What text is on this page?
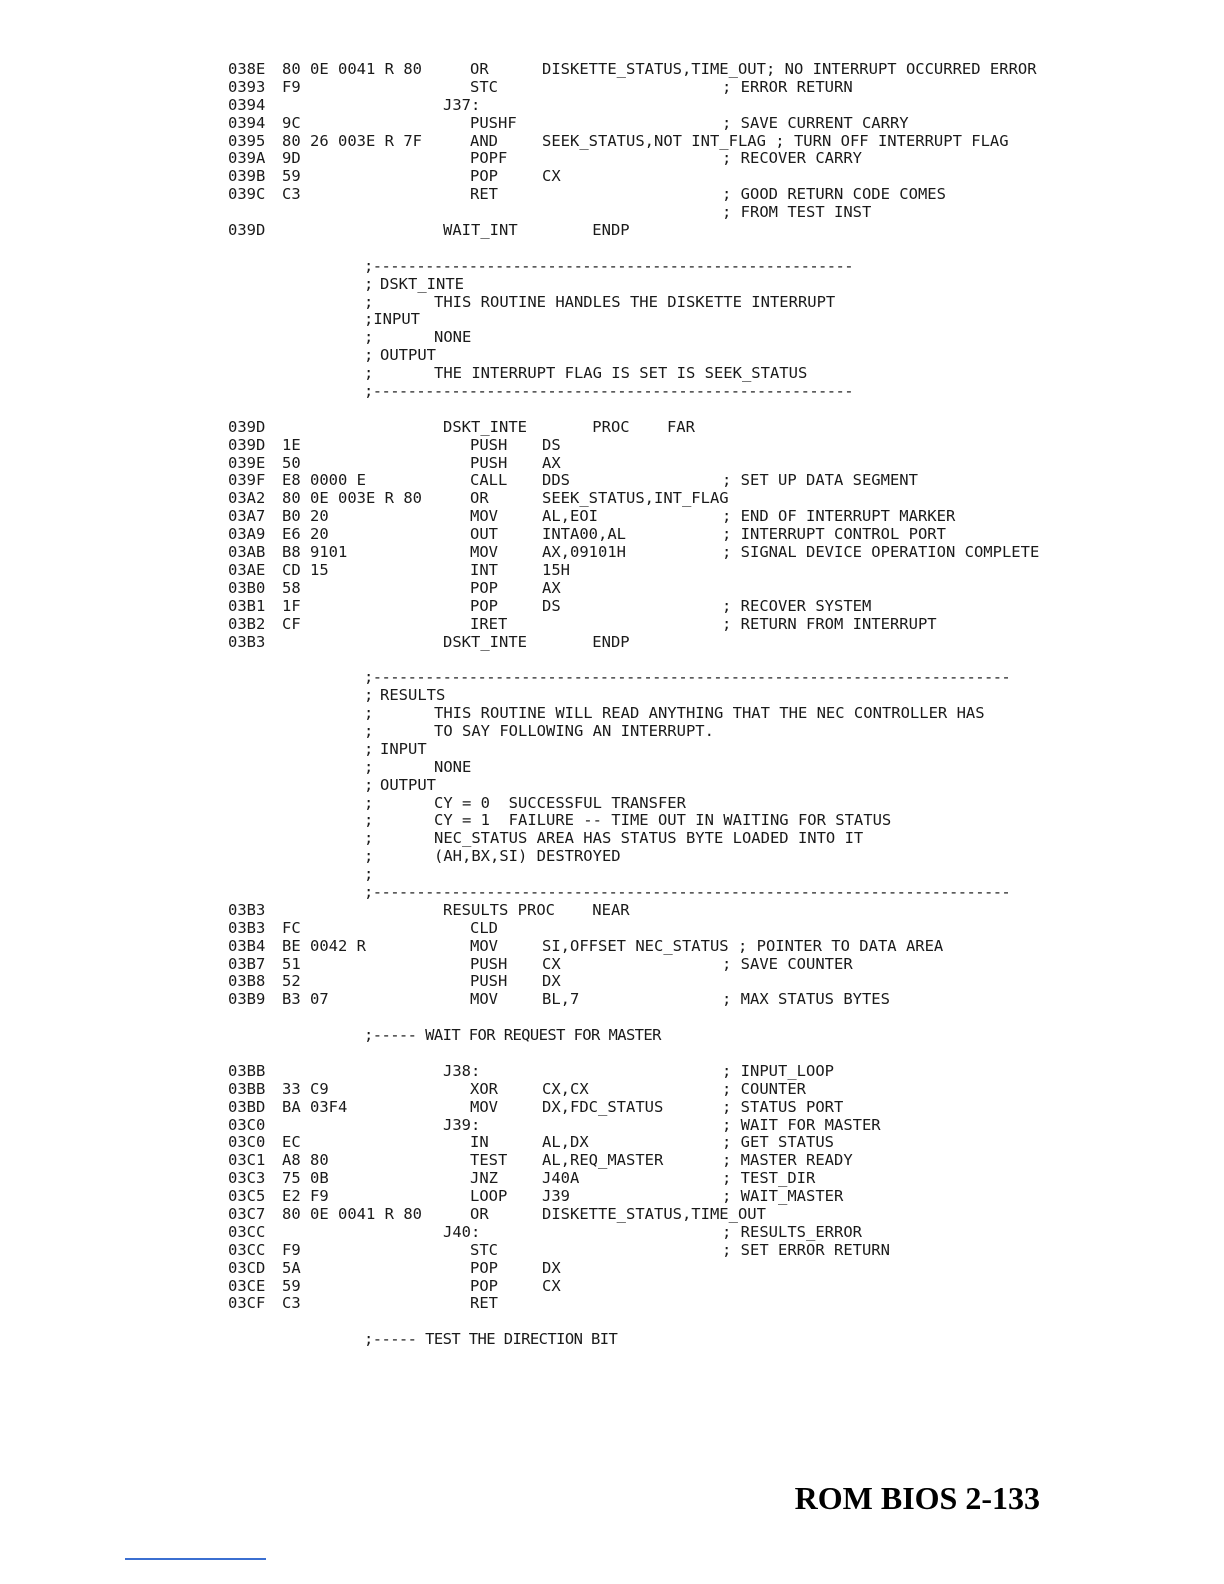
038E 80 0E 0041 R 80	OR	DISKETTE_STATUS,TIME_OUT; NO INTERRUPT OCCURRED ERROR
0393 F9	STC	; ERROR RETURN
0394	J37:
0394 9C	PUSHF	; SAVE CURRENT CARRY
0395 80 26 003E R 7F	AND	SEEK_STATUS,NOT INT_FLAG ; TURN OFF INTERRUPT FLAG
039A 9D	POPF	; RECOVER CARRY
039B 59	POP	CX
039C C3	RET	; GOOD RETURN CODE COMES
; FROM TEST INST
039D	WAIT_INT        ENDP
;-------------------------------------------------------
; DSKT_INTE
;	THIS ROUTINE HANDLES THE DISKETTE INTERRUPT
;INPUT
;	NONE
; OUTPUT
;	THE INTERRUPT FLAG IS SET IS SEEK_STATUS
;-------------------------------------------------------
039D	DSKT_INTE       PROC    FAR
039D 1E	PUSH DS
039E 50	PUSH AX
039F E8 0000 E	CALL DDS	; SET UP DATA SEGMENT
03A2 80 0E 003E R 80	OR	SEEK_STATUS,INT_FLAG
03A7 B0 20	MOV	AL,EOI	; END OF INTERRUPT MARKER
03A9 E6 20	OUT	INTA00,AL	; INTERRUPT CONTROL PORT
03AB B8 9101	MOV	AX,09101H	; SIGNAL DEVICE OPERATION COMPLETE
03AE CD 15	INT	15H
03B0 58	POP	AX
03B1 1F	POP	DS	; RECOVER SYSTEM
03B2 CF	IRET	; RETURN FROM INTERRUPT
03B3	DSKT_INTE       ENDP
;-------------------------------------------------------------------------
; RESULTS
;	THIS ROUTINE WILL READ ANYTHING THAT THE NEC CONTROLLER HAS
;	TO SAY FOLLOWING AN INTERRUPT.
; INPUT
;	NONE
; OUTPUT
;	CY = 0  SUCCESSFUL TRANSFER
;	CY = 1  FAILURE -- TIME OUT IN WAITING FOR STATUS
;	NEC_STATUS AREA HAS STATUS BYTE LOADED INTO IT
;	(AH,BX,SI) DESTROYED
;
;-------------------------------------------------------------------------
03B3	RESULTS PROC    NEAR
03B3 FC	CLD
03B4 BE 0042 R	MOV	SI,OFFSET NEC_STATUS ; POINTER TO DATA AREA
03B7 51	PUSH CX	; SAVE COUNTER
03B8 52	PUSH DX
03B9 B3 07	MOV	BL,7	; MAX STATUS BYTES
;----- WAIT FOR REQUEST FOR MASTER
03BB	J38:	; INPUT_LOOP
03BB 33 C9	XOR	CX,CX	; COUNTER
03BD BA 03F4	MOV	DX,FDC_STATUS	; STATUS PORT
03C0	J39:	; WAIT FOR MASTER
03C0 EC	IN	AL,DX	; GET STATUS
03C1 A8 80	TEST AL,REQ_MASTER	; MASTER READY
03C3 75 0B	JNZ	J40A	; TEST_DIR
03C5 E2 F9	LOOP J39	; WAIT_MASTER
03C7 80 0E 0041 R 80	OR	DISKETTE_STATUS,TIME_OUT
03CC	J40:	; RESULTS_ERROR
03CC F9	STC	; SET ERROR RETURN
03CD 5A	POP	DX
03CE 59	POP	CX
03CF C3	RET
;----- TEST THE DIRECTION BIT
ROM BIOS 2-133
